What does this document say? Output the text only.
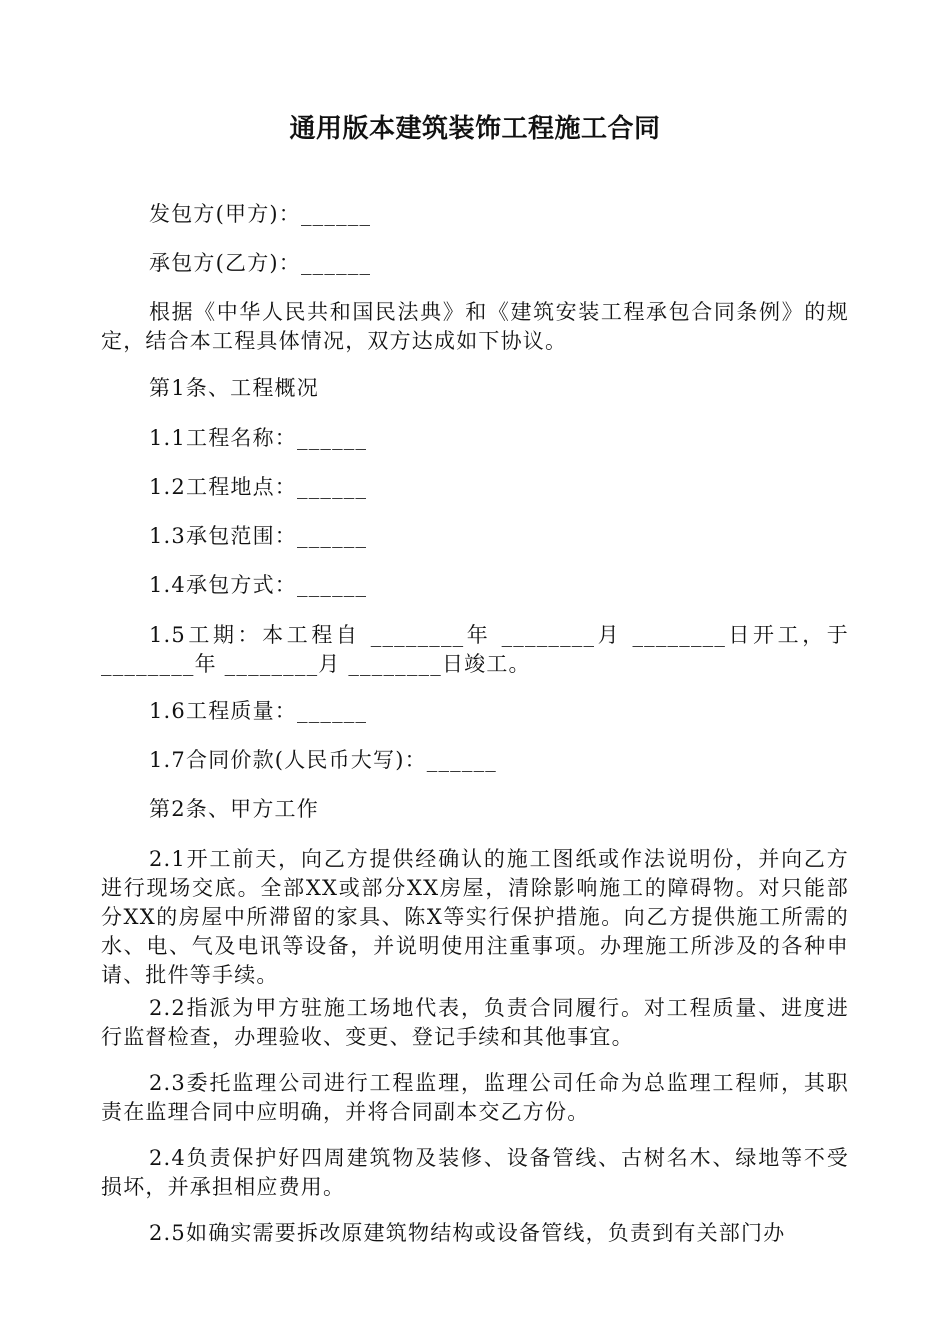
通用版本建筑装饰工程施工合同

发包方(甲方)：______

承包方(乙方)：______

根据《中华人民共和国民法典》和《建筑安装工程承包合同条例》的规定，结合本工程具体情况，双方达成如下协议。

第1条、工程概况

1.1工程名称：______

1.2工程地点：______

1.3承包范围：______

1.4承包方式：______

1.5工期：本工程自 ________年 ________月 ________日开工，于________年 ________月 ________日竣工。

1.6工程质量：______

1.7合同价款(人民币大写)：______

第2条、甲方工作

2.1开工前天，向乙方提供经确认的施工图纸或作法说明份，并向乙方进行现场交底。全部XX或部分XX房屋，清除影响施工的障碍物。对只能部分XX的房屋中所滞留的家具、陈X等实行保护措施。向乙方提供施工所需的水、电、气及电讯等设备，并说明使用注重事项。办理施工所涉及的各种申请、批件等手续。

2.2指派为甲方驻施工场地代表，负责合同履行。对工程质量、进度进行监督检查，办理验收、变更、登记手续和其他事宜。

2.3委托监理公司进行工程监理，监理公司任命为总监理工程师，其职责在监理合同中应明确，并将合同副本交乙方份。

2.4负责保护好四周建筑物及装修、设备管线、古树名木、绿地等不受损坏，并承担相应费用。

2.5如确实需要拆改原建筑物结构或设备管线，负责到有关部门办
